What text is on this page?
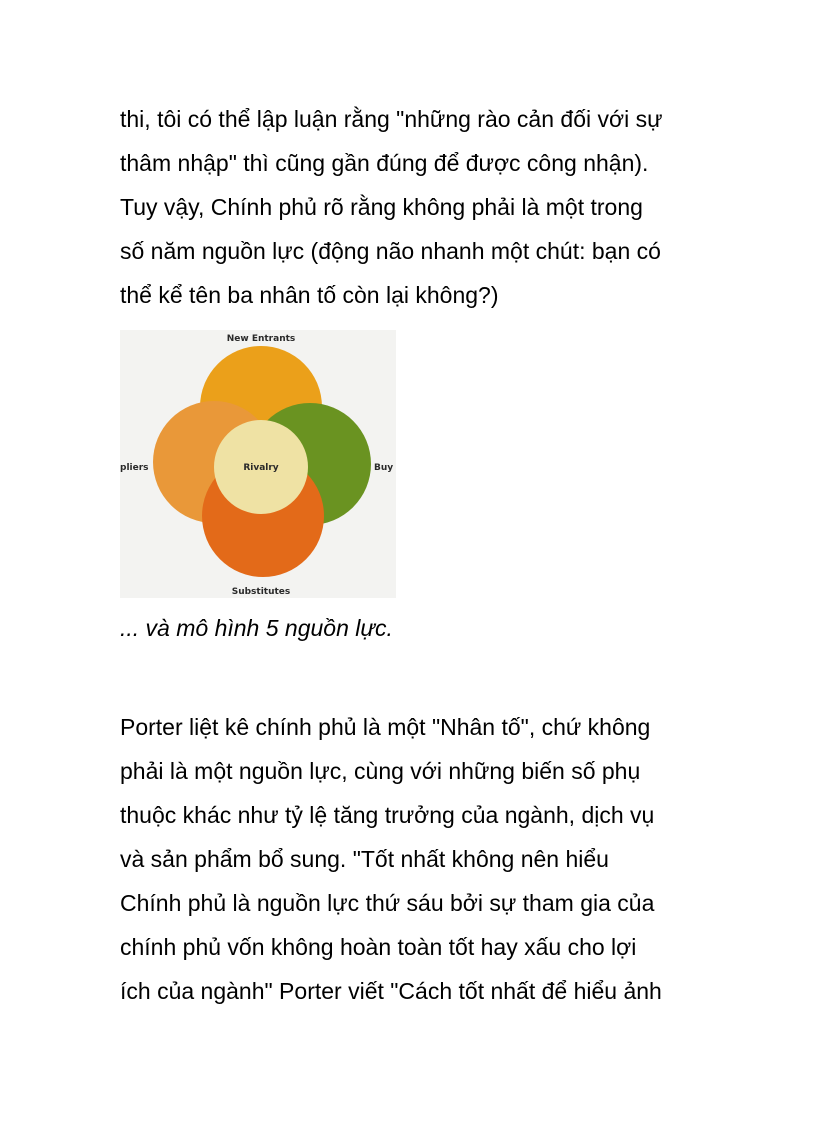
thi, tôi có thể lập luận rằng "những rào cản đối với sự
thâm nhập" thì cũng gần đúng để được công nhận).
Tuy vậy, Chính phủ rõ rằng không phải là một trong
số năm nguồn lực (động não nhanh một chút: bạn có
thể kể tên ba nhân tố còn lại không?)

New Entrants
pliers	Rivalry	Buy
Substitutes

... và mô hình 5 nguồn lực.

Porter liệt kê chính phủ là một "Nhân tố", chứ không
phải là một nguồn lực, cùng với những biến số phụ
thuộc khác như tỷ lệ tăng trưởng của ngành, dịch vụ
và sản phẩm bổ sung. "Tốt nhất không nên hiểu
Chính phủ là nguồn lực thứ sáu bởi sự tham gia của
chính phủ vốn không hoàn toàn tốt hay xấu cho lợi
ích của ngành" Porter viết "Cách tốt nhất để hiểu ảnh
